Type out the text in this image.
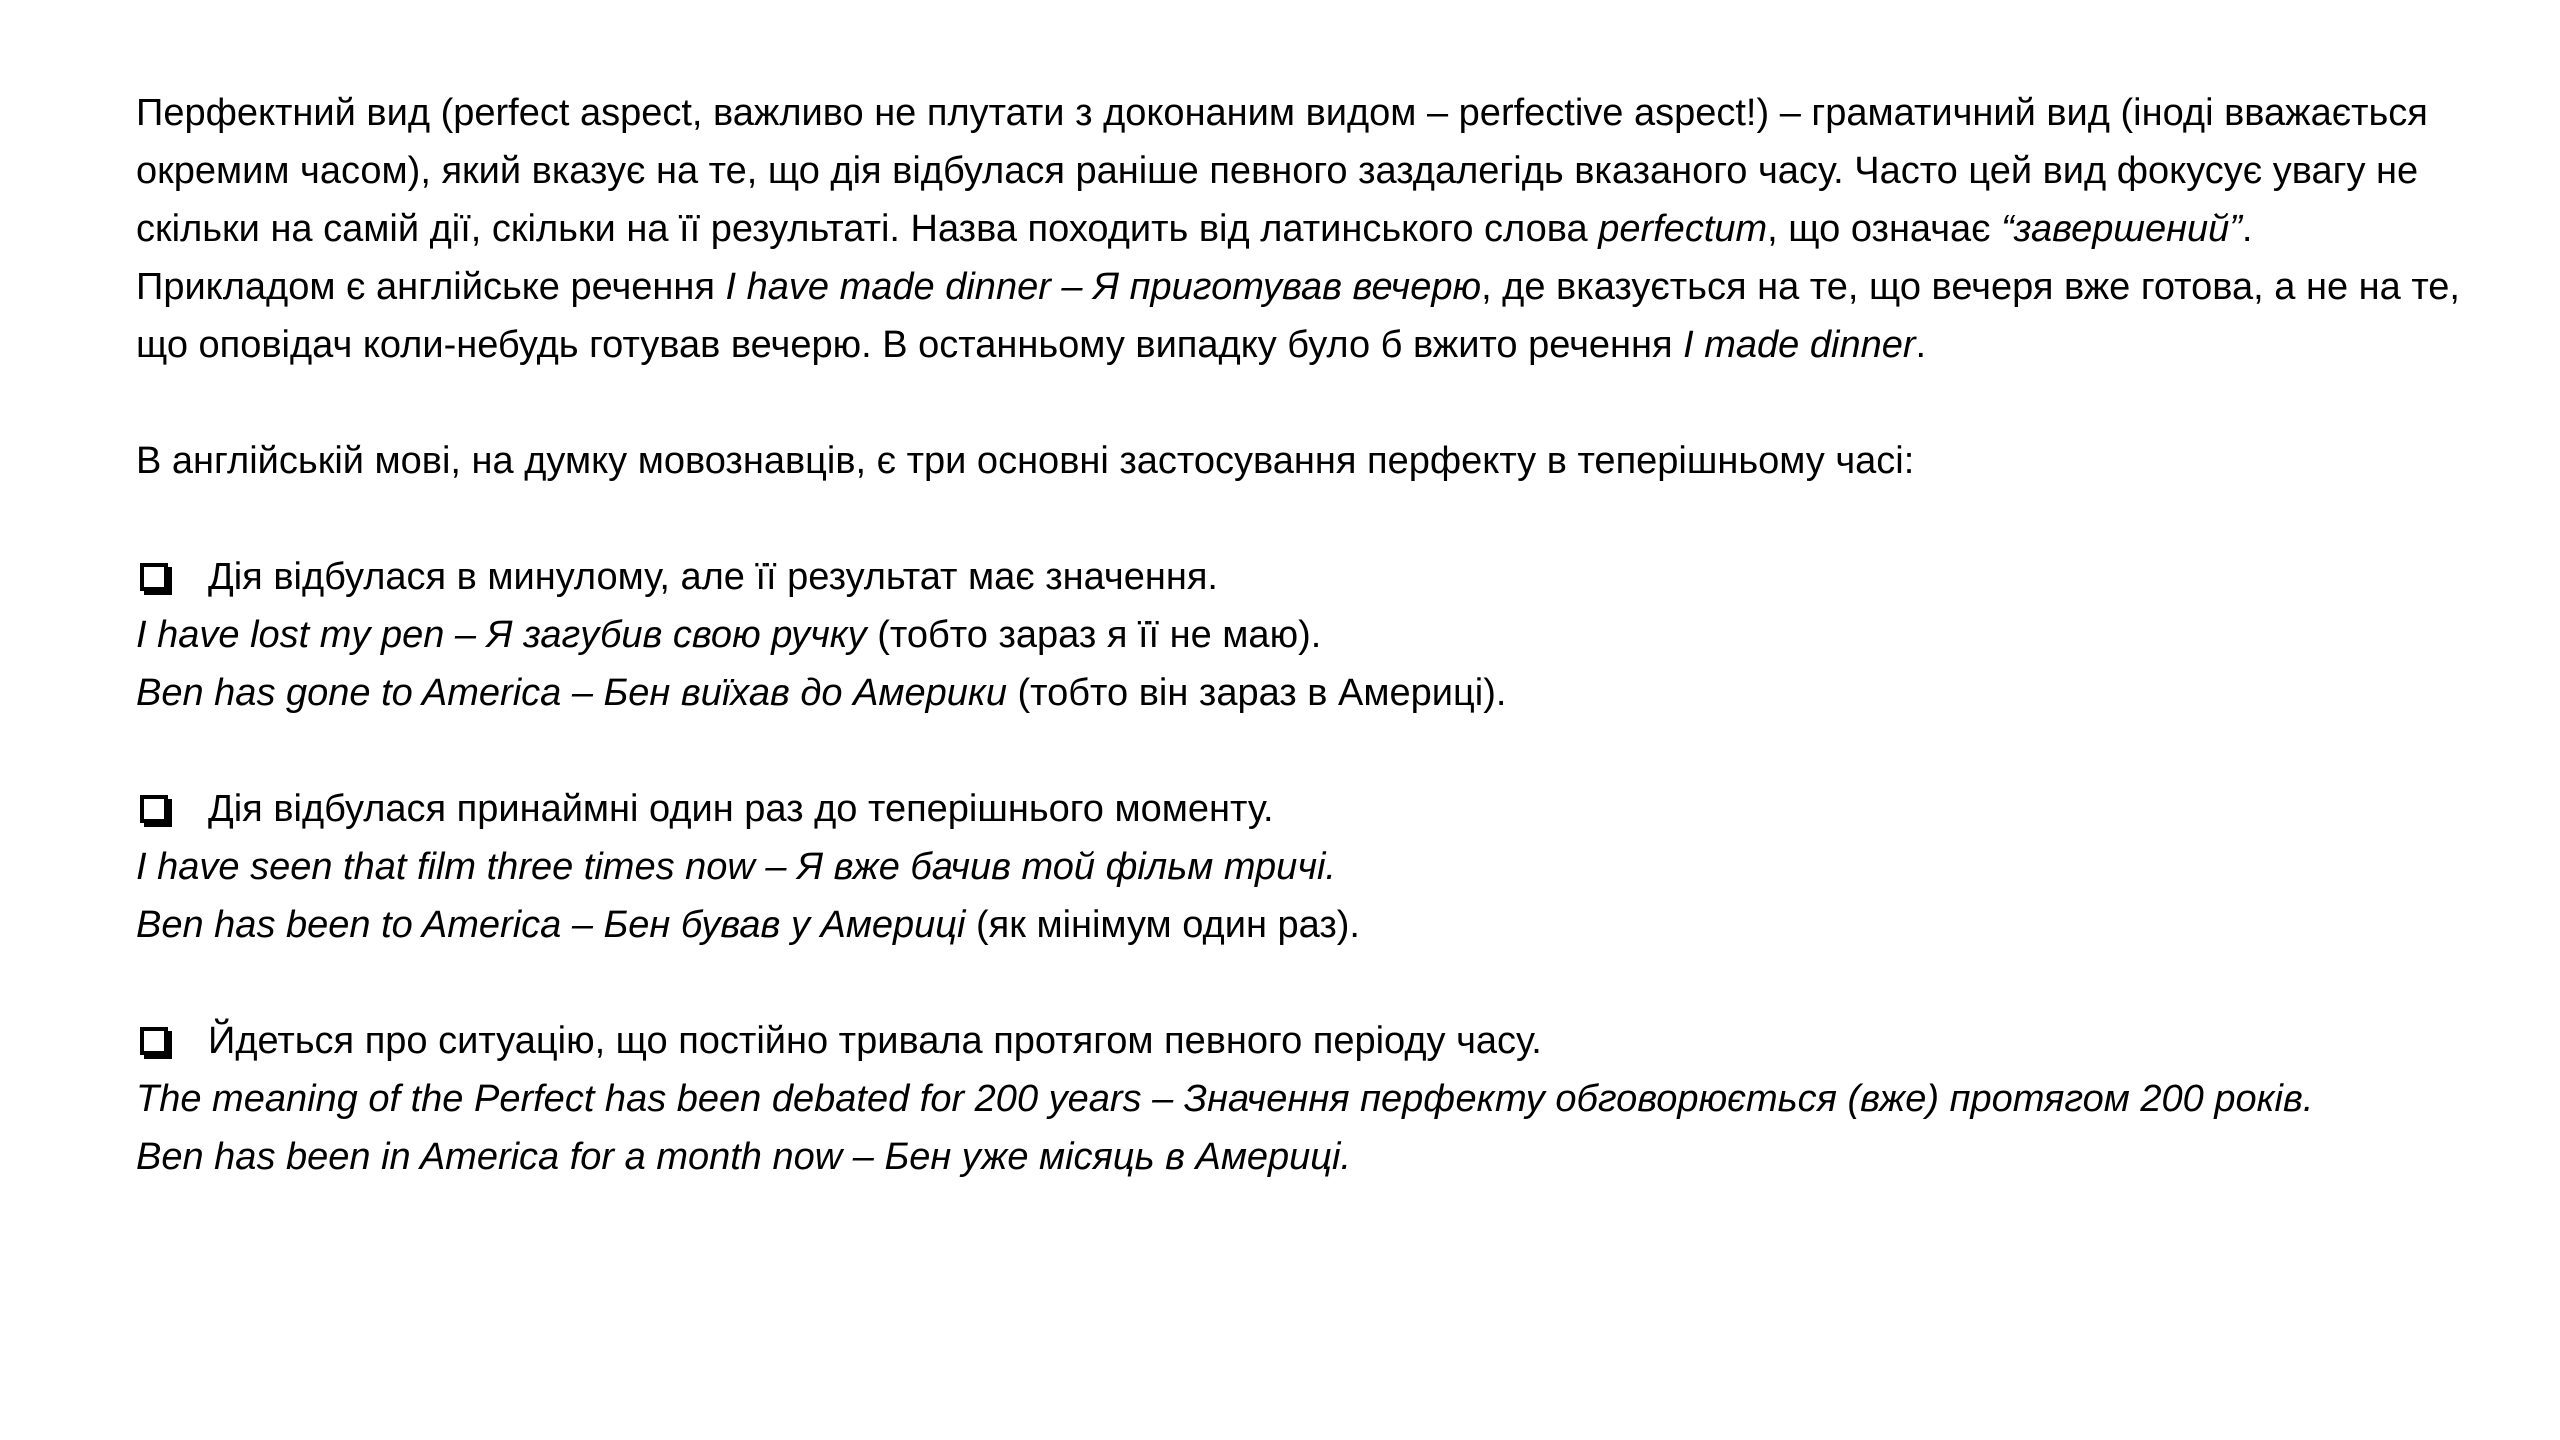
Перфектний вид (perfect aspect, важливо не плутати з доконаним видом – perfective aspect!) – граматичний вид (іноді вважається окремим часом), який вказує на те, що дія відбулася раніше певного заздалегідь вказаного часу. Часто цей вид фокусує увагу не скільки на самій дії, скільки на її результаті. Назва походить від латинського слова perfectum, що означає “завершений”.

Прикладом є англійське речення I have made dinner – Я приготував вечерю, де вказується на те, що вечеря вже готова, а не на те, що оповідач коли-небудь готував вечерю. В останньому випадку було б вжито речення I made dinner.

В англійській мові, на думку мовознавців, є три основні застосування перфекту в теперішньому часі:

Дія відбулася в минулому, але її результат має значення.

I have lost my pen – Я загубив свою ручку (тобто зараз я її не маю).

Ben has gone to America – Бен виїхав до Америки (тобто він зараз в Америці).

Дія відбулася принаймні один раз до теперішнього моменту.

I have seen that film three times now – Я вже бачив той фільм тричі.

Ben has been to America – Бен бував у Америці (як мінімум один раз).

Йдеться про ситуацію, що постійно тривала протягом певного періоду часу.

The meaning of the Perfect has been debated for 200 years – Значення перфекту обговорюється (вже) протягом 200 років.

Ben has been in America for a month now – Бен уже місяць в Америці.
